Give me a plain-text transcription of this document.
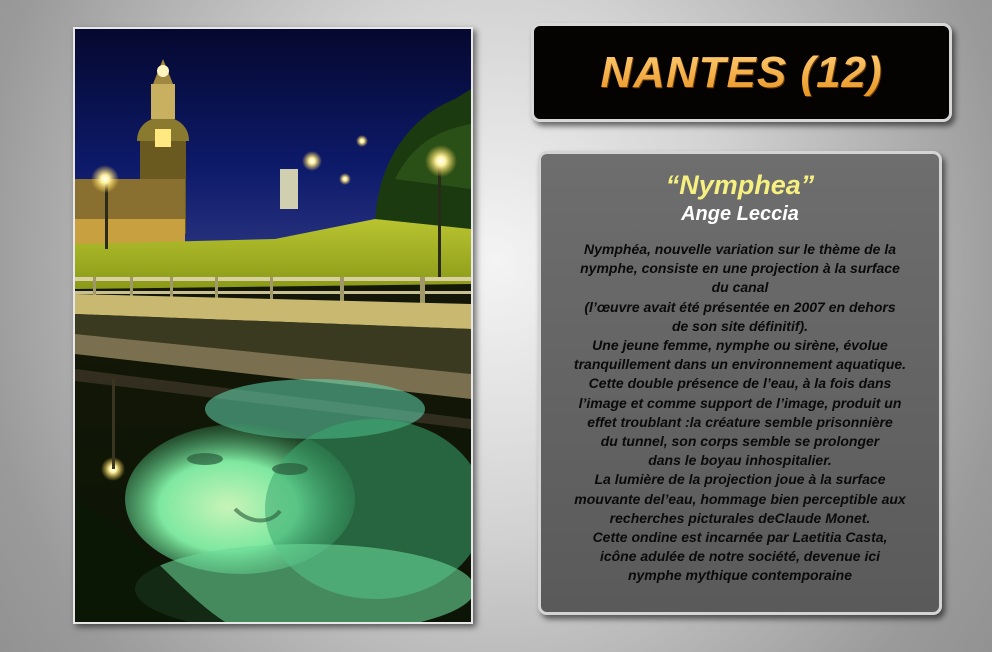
NANTES (12)
“Nymphea”
Ange Leccia
Nymphéa, nouvelle variation sur le thème de la
nymphe, consiste en une projection à la surface
du canal
(l’œuvre avait été présentée en 2007 en dehors
de son site définitif).
Une jeune femme, nymphe ou sirène, évolue
tranquillement dans un environnement aquatique.
Cette double présence de l’eau, à la fois dans
l’image et comme support de l’image, produit un
effet troublant :la créature semble prisonnière
du tunnel, son corps semble se prolonger
dans le boyau inhospitalier.
La lumière de la projection joue à la surface
mouvante del’eau, hommage bien perceptible aux
recherches picturales deClaude Monet.
Cette ondine est incarnée par Laetitia Casta,
icône adulée de notre société, devenue ici
nymphe mythique contemporaine
